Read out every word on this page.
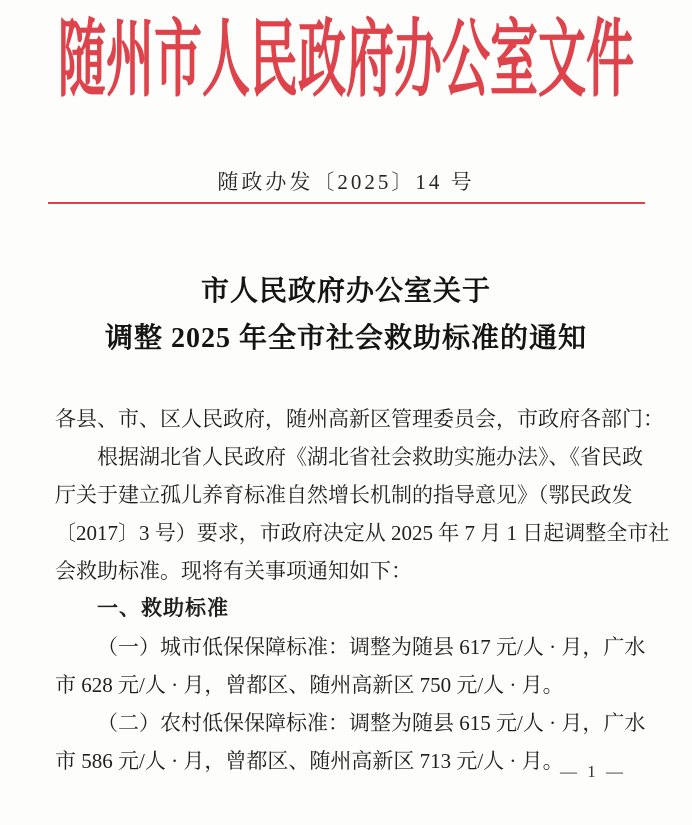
随州市人民政府办公室文件
随政办发〔2025〕14 号
市人民政府办公室关于
调整 2025 年全市社会救助标准的通知
各县、市、区人民政府，随州高新区管理委员会，市政府各部门：
根据湖北省人民政府《湖北省社会救助实施办法》、《省民政
厅关于建立孤儿养育标准自然增长机制的指导意见》（鄂民政发
〔2017〕3 号）要求，市政府决定从 2025 年 7 月 1 日起调整全市社
会救助标准。现将有关事项通知如下：
一、救助标准
（一）城市低保保障标准：调整为随县 617 元/人 · 月，广水
市 628 元/人 · 月，曾都区、随州高新区 750 元/人 · 月。
（二）农村低保保障标准：调整为随县 615 元/人 · 月，广水
市 586 元/人 · 月，曾都区、随州高新区 713 元/人 · 月。
— 1 —
